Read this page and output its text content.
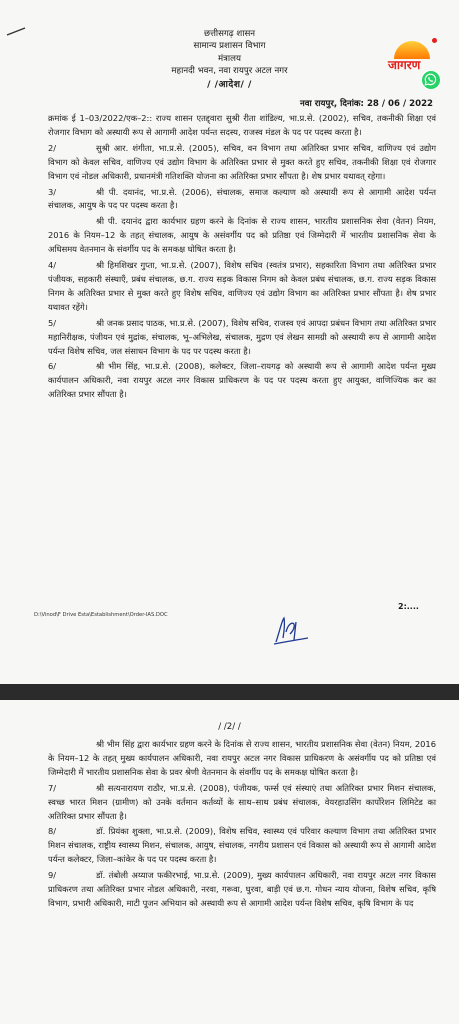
छत्तीसगढ़ शासन
सामान्य प्रशासन विभाग
मंत्रालय
महानदी भवन, नवा रायपुर अटल नगर
/ /आदेश/ /
जागरण
नवा रायपुर, दिनांक: 28 / 06 / 2022

क्रमांक ई 1–03/2022/एक–2:: राज्य शासन एतद्द्वारा सुश्री रीता शांडिल्य, भा.प्र.से. (2002), सचिव, तकनीकी शिक्षा एवं रोजगार विभाग को अस्थायी रूप से आगामी आदेश पर्यन्त सदस्य, राजस्व मंडल के पद पर पदस्थ करता है।

2/	सुश्री आर. शंगीता, भा.प्र.से. (2005), सचिव, वन विभाग तथा अतिरिक्त प्रभार सचिव, वाणिज्य एवं उद्योग विभाग को केवल सचिव, वाणिज्य एवं उद्योग विभाग के अतिरिक्त प्रभार से मुक्त करते हुए सचिव, तकनीकी शिक्षा एवं रोजगार विभाग एवं नोडल अधिकारी, प्रधानमंत्री गतिशक्ति योजना का अतिरिक्त प्रभार सौंपता है। शेष प्रभार यथावत् रहेगा।

3/	श्री पी. दयानंद, भा.प्र.से. (2006), संचालक, समाज कल्याण को अस्थायी रूप से आगामी आदेश पर्यन्त संचालक, आयुष के पद पर पदस्थ करता है।

श्री पी. दयानंद द्वारा कार्यभार ग्रहण करने के दिनांक से राज्य शासन, भारतीय प्रशासनिक सेवा (वेतन) नियम, 2016 के नियम–12 के तहत् संचालक, आयुष के असंवर्गीय पद को प्रतिष्ठा एवं जिम्मेदारी में भारतीय प्रशासनिक सेवा के अधिसमय वेतनमान के संवर्गीय पद के समकक्ष घोषित करता है।

4/	श्री हिमशिखर गुप्ता, भा.प्र.से. (2007), विशेष सचिव (स्वतंत्र प्रभार), सहकारिता विभाग तथा अतिरिक्त प्रभार पंजीयक, सहकारी संस्थाएँ, प्रबंध संचालक, छ.ग. राज्य सड़क विकास निगम को केवल प्रबंध संचालक, छ.ग. राज्य सड़क विकास निगम के अतिरिक्त प्रभार से मुक्त करते हुए विशेष सचिव, वाणिज्य एवं उद्योग विभाग का अतिरिक्त प्रभार सौंपता है। शेष प्रभार यथावत रहेंगे।

5/	श्री जनक प्रसाद पाठक, भा.प्र.से. (2007), विशेष सचिव, राजस्व एवं आपदा प्रबंधन विभाग तथा अतिरिक्त प्रभार महानिरीक्षक, पंजीयन एवं मुद्रांक, संचालक, भू–अभिलेख, संचालक, मुद्रण एवं लेखन सामग्री को अस्थायी रूप से आगामी आदेश पर्यन्त विशेष सचिव, जल संसाधन विभाग के पद पर पदस्थ करता है।

6/	श्री भीम सिंह, भा.प्र.से. (2008), कलेक्टर, जिला–रायगढ़ को अस्थायी रूप से आगामी आदेश पर्यन्त मुख्य कार्यपालन अधिकारी, नवा रायपुर अटल नगर विकास प्राधिकरण के पद पर पदस्थ करता हुए आयुक्त, वाणिज्यिक कर का अतिरिक्त प्रभार सौंपता है।

2:....
D:\Vinod\F Drive Esta\Establishment\Order-IAS.DOC
/ /2/ /

श्री भीम सिंह द्वारा कार्यभार ग्रहण करने के दिनांक से राज्य शासन, भारतीय प्रशासनिक सेवा (वेतन) नियम, 2016 के नियम–12 के तहत् मुख्य कार्यपालन अधिकारी, नवा रायपुर अटल नगर विकास प्राधिकरण के असंवर्गीय पद को प्रतिष्ठा एवं जिम्मेदारी में भारतीय प्रशासनिक सेवा के प्रवर श्रेणी वेतनमान के संवर्गीय पद के समकक्ष घोषित करता है।

7/	श्री सत्यनारायण राठौर, भा.प्र.से. (2008), पंजीयक, फर्म्स एवं संस्थाएं तथा अतिरिक्त प्रभार मिशन संचालक, स्वच्छ भारत मिशन (ग्रामीण) को उनके वर्तमान कर्तव्यों के साथ–साथ प्रबंध संचालक, वेयरहाउसिंग कार्पोरेशन लिमिटेड का अतिरिक्त प्रभार सौंपता है।

8/	डॉ. प्रियंका शुक्ला, भा.प्र.से. (2009), विशेष सचिव, स्वास्थ्य एवं परिवार कल्याण विभाग तथा अतिरिक्त प्रभार मिशन संचालक, राष्ट्रीय स्वास्थ्य मिशन, संचालक, आयुष, संचालक, नगरीय प्रशासन एवं विकास को अस्थायी रूप से आगामी आदेश पर्यन्त कलेक्टर, जिला–कांकेर के पद पर पदस्थ करता है।

9/	डॉ. तंबोली अय्याज फकीरभाई, भा.प्र.से. (2009), मुख्य कार्यपालन अधिकारी, नवा रायपुर अटल नगर विकास प्राधिकरण तथा अतिरिक्त प्रभार नोडल अधिकारी, नरवा, गरूवा, घुरवा, बाड़ी एवं छ.ग. गोधन न्याय योजना, विशेष सचिव, कृषि विभाग, प्रभारी अधिकारी, माटी पूजन अभियान को अस्थायी रूप से आगामी आदेश पर्यन्त विशेष सचिव, कृषि विभाग के पद
